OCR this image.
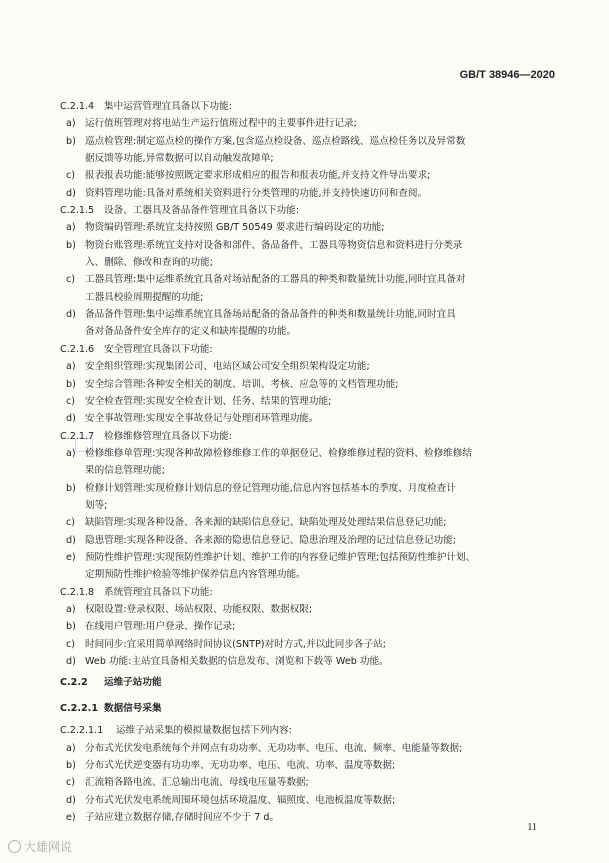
GB/T 38946—2020
C.2.1.4 集中运营管理宜具备以下功能:
a) 运行值班管理对将电站生产运行值班过程中的主要事件进行记录;
b) 巡点检管理:制定巡点检的操作方案,包含巡点检设备、巡点检路线、巡点检任务以及异常数
据反馈等功能,异常数据可以自动触发故障单;
c) 报表报表功能:能够按照既定要求形成相应的报告和报表功能,并支持文件导出要求;
d) 资料管理功能:具备对系统相关资料进行分类管理的功能,并支持快速访问和查阅。
C.2.1.5 设备、工器具及备品备件管理宜具备以下功能:
a) 物资编码管理:系统宜支持按照 GB/T 50549 要求进行编码设定的功能;
b) 物资台账管理:系统宜支持对设备和部件、备品备件、工器具等物资信息和资料进行分类录
入、删除、修改和查询的功能;
c) 工器具管理:集中运维系统宜具备对场站配备的工器具的种类和数量统计功能,同时宜具备对
工器具校验周期提醒的功能;
d) 备品备件管理:集中运维系统宜具备场站配备的备品备件的种类和数量统计功能,同时宜具
备对备品备件安全库存的定义和缺库提醒的功能。
C.2.1.6 安全管理宜具备以下功能:
a) 安全组织管理:实现集团公司、电站区域公司安全组织架构设定功能;
b) 安全综合管理:各种安全相关的制度、培训、考核、应急等的文档管理功能;
c) 安全检查管理:实现安全检查计划、任务、结果的管理功能;
d) 安全事故管理:实现安全事故登记与处理闭环管理功能。
C.2.1.7 检修维修管理宜具备以下功能:
a) 检修维修单管理:实现各种故障检修维修工作的单据登记、检修维修过程的资料、检修维修结
果的信息管理功能;
b) 检修计划管理:实现检修计划信息的登记管理功能,信息内容包括基本的季度、月度检查计
划等;
c) 缺陷管理:实现各种设备、各来源的缺陷信息登记、缺陷处理及处理结果信息登记功能;
d) 隐患管理:实现各种设备、各来源的隐患信息登记、隐患治理及治理的记过信息登记功能;
e) 预防性维护管理:实现预防性维护计划、维护工作的内容登记维护管理;包括预防性维护计划、
定期预防性维护检验等维护保养信息内容管理功能。
C.2.1.8 系统管理宜具备以下功能:
a) 权限设置:登录权限、场站权限、功能权限、数据权限;
b) 在线用户管理:用户登录、操作记录;
c) 时间同步:宜采用简单网络时间协议(SNTP)对时方式,并以此同步各子站;
d) Web 功能:主站宜具备相关数据的信息发布、浏览和下载等 Web 功能。
C.2.2 运维子站功能
C.2.2.1 数据信号采集
C.2.2.1.1 运维子站采集的模拟量数据包括下列内容:
a) 分布式光伏发电系统每个并网点有功功率、无功功率、电压、电流、频率、电能量等数据;
b) 分布式光伏逆变器有功功率、无功功率、电压、电流、功率、温度等数据;
c) 汇流箱各路电流、汇总输出电流、母线电压量等数据;
d) 分布式光伏发电系统周围环境包括环境温度、辐照度、电池板温度等数据;
e) 子站应建立数据存储,存储时间应不少于 7 d。
11
大雄网说
